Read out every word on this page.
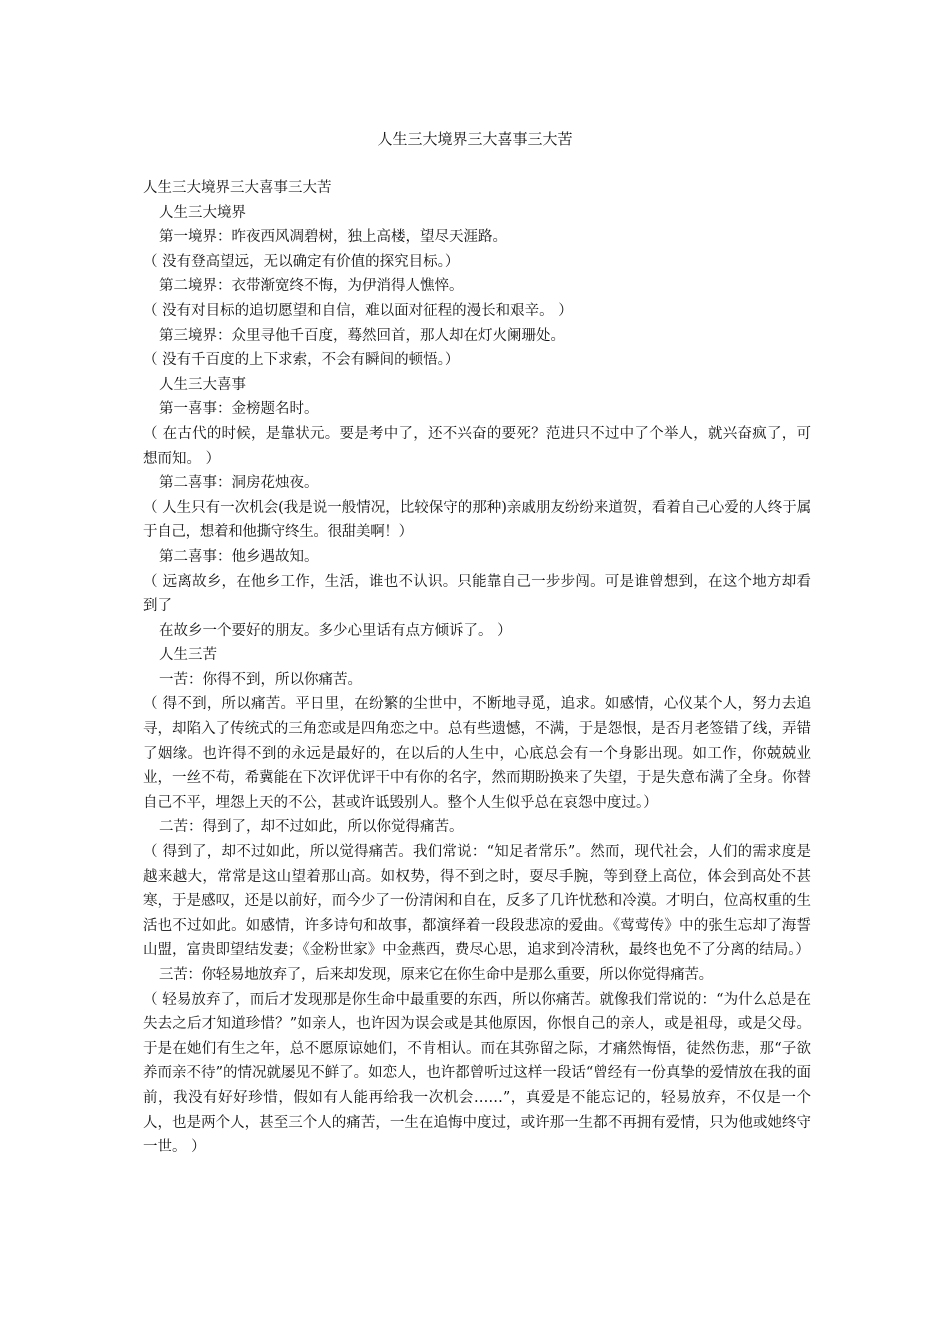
人生三大境界三大喜事三大苦

人生三大境界三大喜事三大苦

人生三大境界

第一境界：昨夜西风凋碧树，独上高楼，望尽天涯路。

（ 没有登高望远，无以确定有价值的探究目标。）

第二境界：衣带渐宽终不悔，为伊消得人憔悴。

（ 没有对目标的追切愿望和自信，难以面对征程的漫长和艰辛。 ）

第三境界：众里寻他千百度，蓦然回首，那人却在灯火阑珊处。

（ 没有千百度的上下求索，不会有瞬间的顿悟。）

人生三大喜事

第一喜事：金榜题名时。

（ 在古代的时候，是靠状元。要是考中了，还不兴奋的要死？范进只不过中了个举人，就兴奋疯了，可想而知。 ）

第二喜事：洞房花烛夜。

（ 人生只有一次机会(我是说一般情况，比较保守的那种)亲戚朋友纷纷来道贺，看着自己心爱的人终于属于自己，想着和他撕守终生。很甜美啊！）

第二喜事：他乡遇故知。

（ 远离故乡，在他乡工作，生活，谁也不认识。只能靠自己一步步闯。可是谁曾想到，在这个地方却看到了

在故乡一个要好的朋友。多少心里话有点方倾诉了。 ）

人生三苦

一苦：你得不到，所以你痛苦。

（ 得不到，所以痛苦。平日里，在纷繁的尘世中，不断地寻觅，追求。如感情，心仪某个人，努力去追寻，却陷入了传统式的三角恋或是四角恋之中。总有些遗憾，不满，于是怨恨，是否月老签错了线，弄错了姻缘。也许得不到的永远是最好的，在以后的人生中，心底总会有一个身影出现。如工作，你兢兢业业，一丝不苟，希冀能在下次评优评干中有你的名字，然而期盼换来了失望，于是失意布满了全身。你替自己不平，埋怨上天的不公，甚或许诋毁别人。整个人生似乎总在哀怨中度过。）

二苦：得到了，却不过如此，所以你觉得痛苦。

（ 得到了，却不过如此，所以觉得痛苦。我们常说：“知足者常乐”。然而，现代社会，人们的需求度是越来越大，常常是这山望着那山高。如权势，得不到之时，耍尽手腕，等到登上高位，体会到高处不甚寒，于是感叹，还是以前好，而今少了一份清闲和自在，反多了几许忧愁和冷漠。才明白，位高权重的生活也不过如此。如感情，许多诗句和故事，都演绎着一段段悲凉的爱曲。《莺莺传》中的张生忘却了海誓山盟，富贵即望结发妻；《金粉世家》中金燕西，费尽心思，追求到冷清秋，最终也免不了分离的结局。）

三苦：你轻易地放弃了，后来却发现，原来它在你生命中是那么重要，所以你觉得痛苦。

（ 轻易放弃了，而后才发现那是你生命中最重要的东西，所以你痛苦。就像我们常说的：“为什么总是在失去之后才知道珍惜？”如亲人，也许因为误会或是其他原因，你恨自己的亲人，或是祖母，或是父母。于是在她们有生之年，总不愿原谅她们，不肯相认。而在其弥留之际，才痛然悔悟，徒然伤悲，那“子欲养而亲不待”的情况就屡见不鲜了。如恋人，也许都曾听过这样一段话“曾经有一份真挚的爱情放在我的面前，我没有好好珍惜，假如有人能再给我一次机会……”，真爱是不能忘记的，轻易放弃，不仅是一个人，也是两个人，甚至三个人的痛苦，一生在追悔中度过，或许那一生都不再拥有爱情，只为他或她终守一世。 ）
